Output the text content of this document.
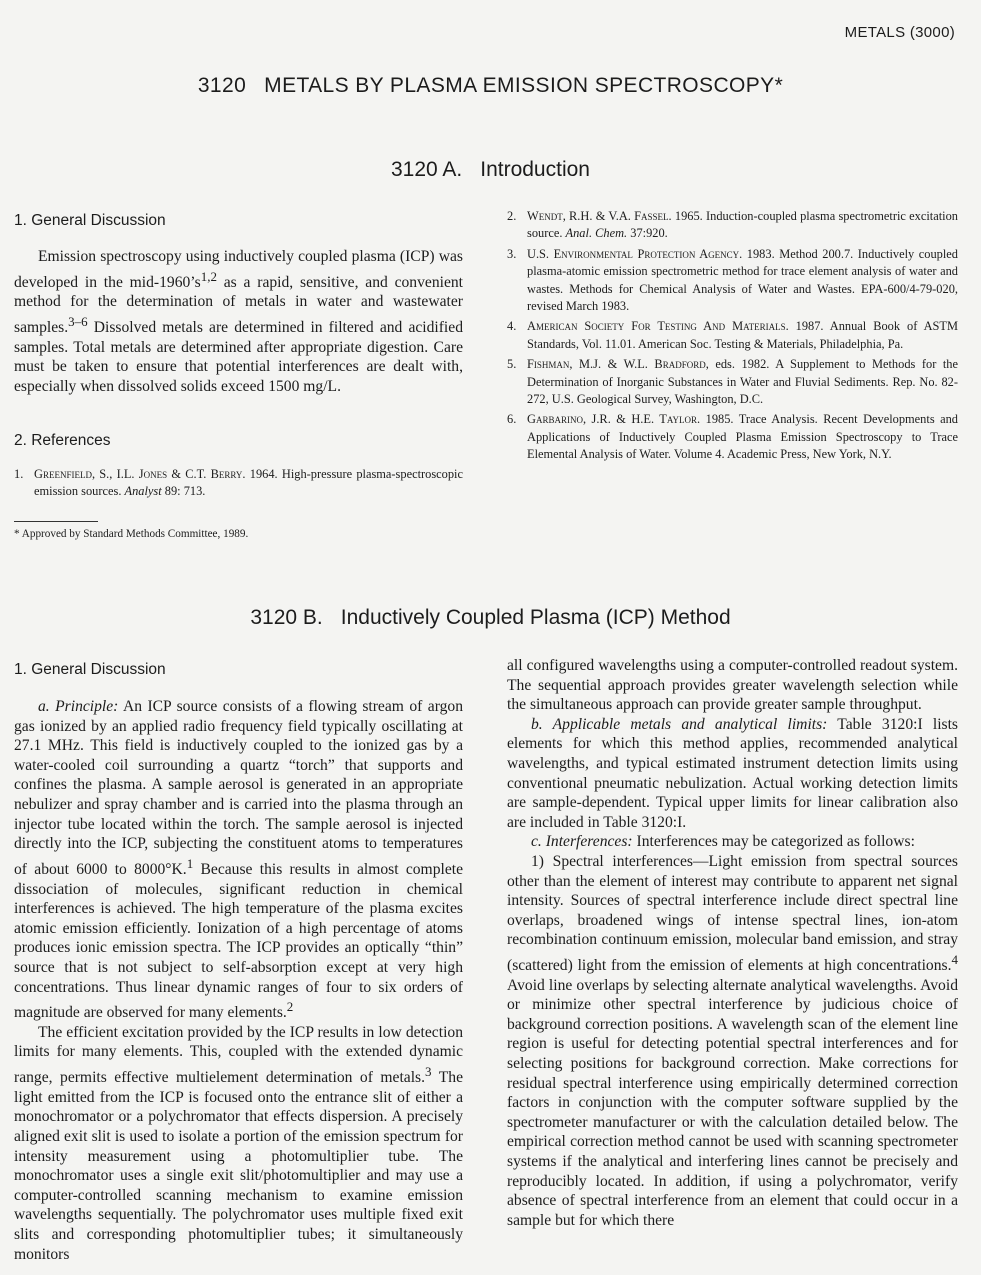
METALS (3000)
3120 METALS BY PLASMA EMISSION SPECTROSCOPY*
3120 A. Introduction
1. General Discussion

Emission spectroscopy using inductively coupled plasma (ICP) was developed in the mid-$1960’s^{1,2}$ as a rapid, sensitive, and convenient method for the determination of metals in water and wastewater samples.$^{3-6}$ Dissolved metals are determined in filtered and acidified samples. Total metals are determined after appropriate digestion. Care must be taken to ensure that potential interferences are dealt with, especially when dissolved solids exceed 1500 mg/L.

2. References
1. Greenfield, S., I.L. Jones & C.T. Berry. 1964. High-pressure plasma-spectroscopic emission sources. Analyst 89: 713.
* Approved by Standard Methods Committee, 1989.
2. Wendt, R.H. & V.A. Fassel. 1965. Induction-coupled plasma spectrometric excitation source. Anal. Chem. 37:920.
3. U.S. Environmental Protection Agency. 1983. Method 200.7. Inductively coupled plasma-atomic emission spectrometric method for trace element analysis of water and wastes. Methods for Chemical Analysis of Water and Wastes. EPA-600/4-79-020, revised March 1983.
4. American Society For Testing And Materials. 1987. Annual Book of ASTM Standards, Vol. 11.01. American Soc. Testing & Materials, Philadelphia, Pa.
5. Fishman, M.J. & W.L. Bradford, eds. 1982. A Supplement to Methods for the Determination of Inorganic Substances in Water and Fluvial Sediments. Rep. No. 82-272, U.S. Geological Survey, Washington, D.C.
6. Garbarino, J.R. & H.E. Taylor. 1985. Trace Analysis. Recent Developments and Applications of Inductively Coupled Plasma Emission Spectroscopy to Trace Elemental Analysis of Water. Volume 4. Academic Press, New York, N.Y.
3120 B. Inductively Coupled Plasma (ICP) Method
1. General Discussion

a. Principle: An ICP source consists of a flowing stream of argon gas ionized by an applied radio frequency field typically oscillating at 27.1 MHz. This field is inductively coupled to the ionized gas by a water-cooled coil surrounding a quartz “torch” that supports and confines the plasma. A sample aerosol is generated in an appropriate nebulizer and spray chamber and is carried into the plasma through an injector tube located within the torch. The sample aerosol is injected directly into the ICP, subjecting the constituent atoms to temperatures of about 6000 to 8000°K.$^1$ Because this results in almost complete dissociation of molecules, significant reduction in chemical interferences is achieved. The high temperature of the plasma excites atomic emission efficiently. Ionization of a high percentage of atoms produces ionic emission spectra. The ICP provides an optically “thin” source that is not subject to self-absorption except at very high concentrations. Thus linear dynamic ranges of four to six orders of magnitude are observed for many elements.$^2$

The efficient excitation provided by the ICP results in low detection limits for many elements. This, coupled with the extended dynamic range, permits effective multielement determination of metals.$^3$ The light emitted from the ICP is focused onto the entrance slit of either a monochromator or a polychromator that effects dispersion. A precisely aligned exit slit is used to isolate a portion of the emission spectrum for intensity measurement using a photomultiplier tube. The monochromator uses a single exit slit/photomultiplier and may use a computer-controlled scanning mechanism to examine emission wavelengths sequentially. The polychromator uses multiple fixed exit slits and corresponding photomultiplier tubes; it simultaneously monitors

all configured wavelengths using a computer-controlled readout system. The sequential approach provides greater wavelength selection while the simultaneous approach can provide greater sample throughput.

b. Applicable metals and analytical limits: Table 3120:I lists elements for which this method applies, recommended analytical wavelengths, and typical estimated instrument detection limits using conventional pneumatic nebulization. Actual working detection limits are sample-dependent. Typical upper limits for linear calibration also are included in Table 3120:I.

c. Interferences: Interferences may be categorized as follows:

1) Spectral interferences—Light emission from spectral sources other than the element of interest may contribute to apparent net signal intensity. Sources of spectral interference include direct spectral line overlaps, broadened wings of intense spectral lines, ion-atom recombination continuum emission, molecular band emission, and stray (scattered) light from the emission of elements at high concentrations.$^4$ Avoid line overlaps by selecting alternate analytical wavelengths. Avoid or minimize other spectral interference by judicious choice of background correction positions. A wavelength scan of the element line region is useful for detecting potential spectral interferences and for selecting positions for background correction. Make corrections for residual spectral interference using empirically determined correction factors in conjunction with the computer software supplied by the spectrometer manufacturer or with the calculation detailed below. The empirical correction method cannot be used with scanning spectrometer systems if the analytical and interfering lines cannot be precisely and reproducibly located. In addition, if using a polychromator, verify absence of spectral interference from an element that could occur in a sample but for which there
